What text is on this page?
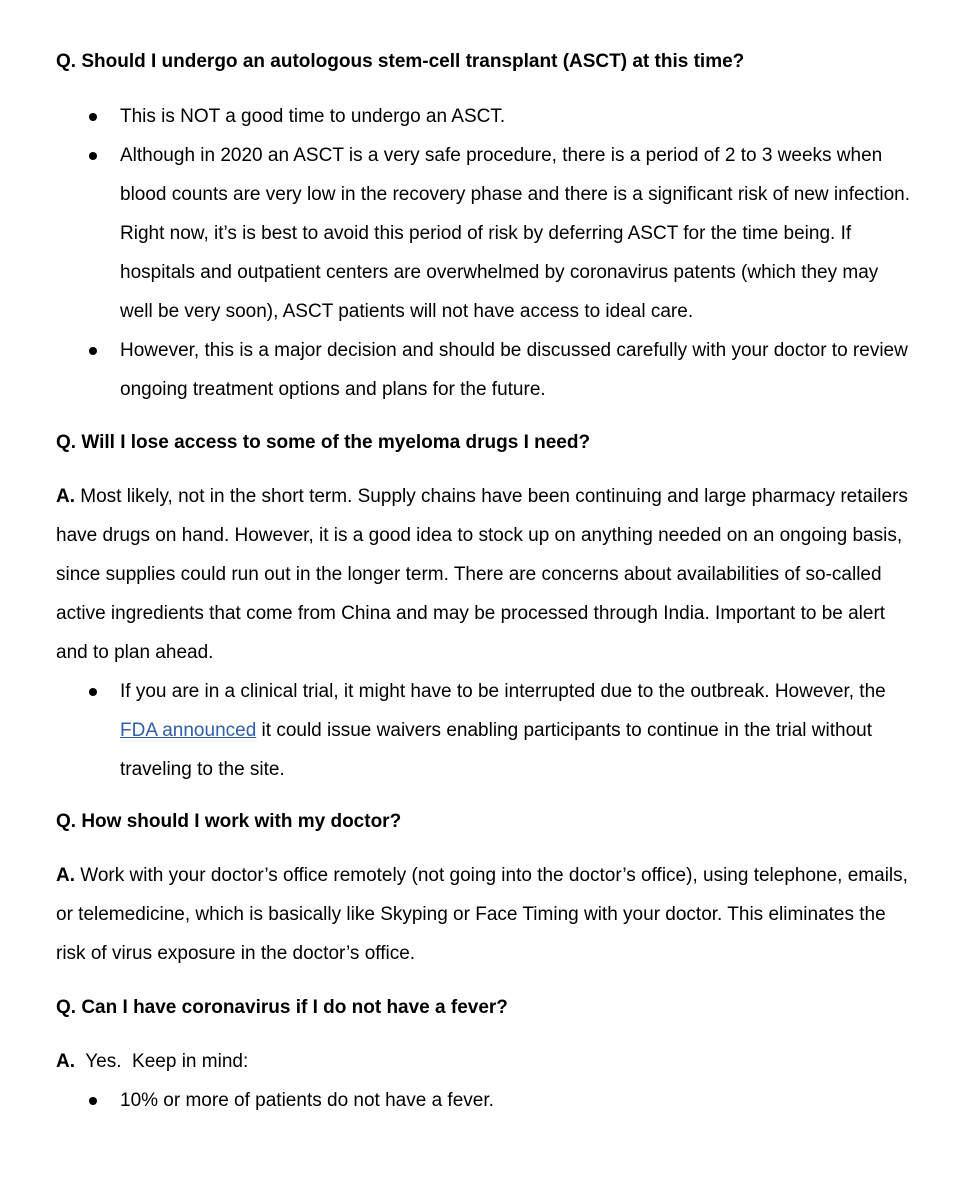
Q. Should I undergo an autologous stem-cell transplant (ASCT) at this time?

This is NOT a good time to undergo an ASCT.
Although in 2020 an ASCT is a very safe procedure, there is a period of 2 to 3 weeks when blood counts are very low in the recovery phase and there is a significant risk of new infection. Right now, it’s is best to avoid this period of risk by deferring ASCT for the time being. If hospitals and outpatient centers are overwhelmed by coronavirus patents (which they may well be very soon), ASCT patients will not have access to ideal care.
However, this is a major decision and should be discussed carefully with your doctor to review ongoing treatment options and plans for the future.

Q. Will I lose access to some of the myeloma drugs I need?

A. Most likely, not in the short term. Supply chains have been continuing and large pharmacy retailers have drugs on hand. However, it is a good idea to stock up on anything needed on an ongoing basis, since supplies could run out in the longer term. There are concerns about availabilities of so-called active ingredients that come from China and may be processed through India. Important to be alert and to plan ahead.

If you are in a clinical trial, it might have to be interrupted due to the outbreak. However, the FDA announced it could issue waivers enabling participants to continue in the trial without traveling to the site.

Q. How should I work with my doctor?

A. Work with your doctor’s office remotely (not going into the doctor’s office), using telephone, emails, or telemedicine, which is basically like Skyping or Face Timing with your doctor. This eliminates the risk of virus exposure in the doctor’s office.

Q. Can I have coronavirus if I do not have a fever?

A.  Yes.  Keep in mind:

10% or more of patients do not have a fever.
